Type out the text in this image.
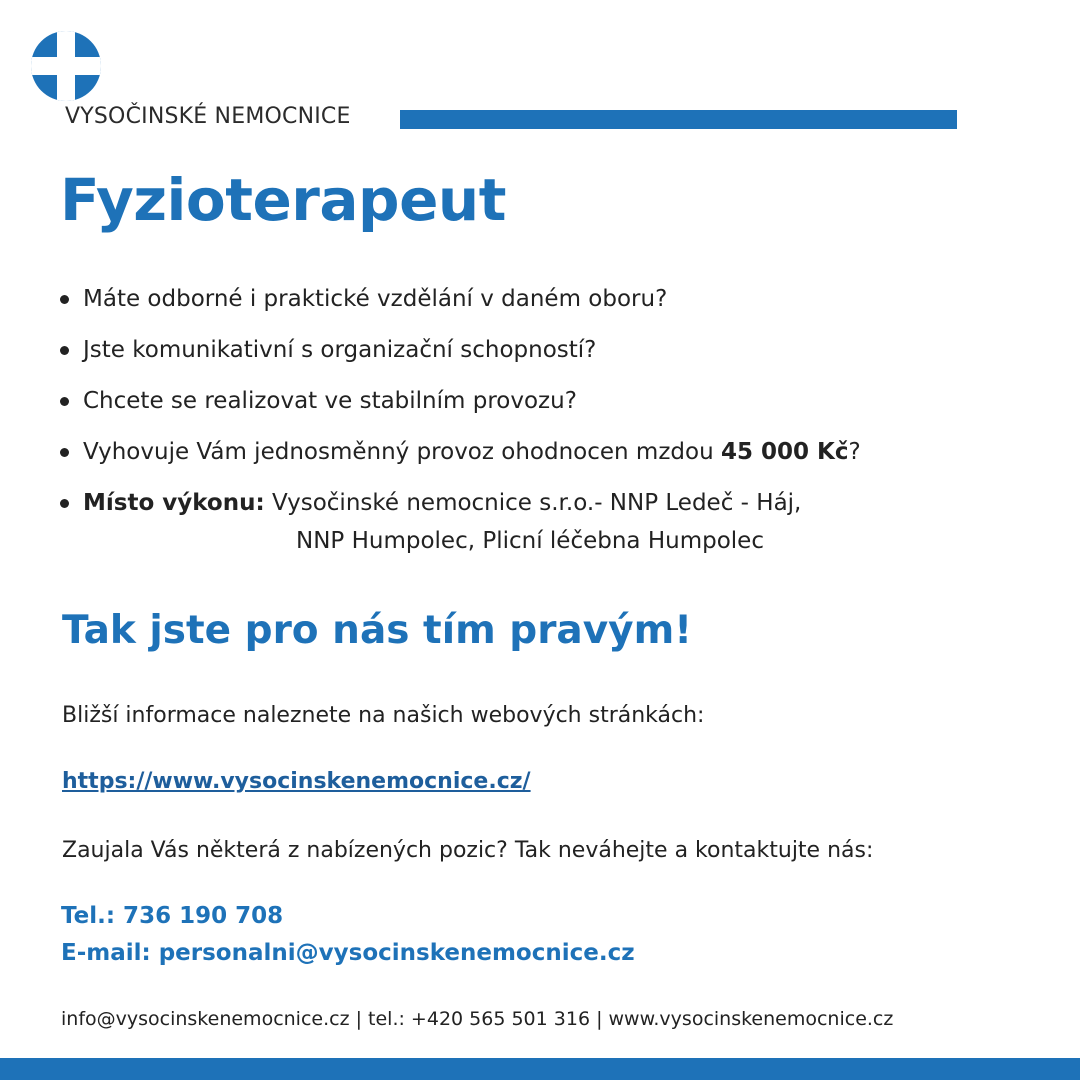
VYSOČINSKÉ NEMOCNICE
Fyzioterapeut
Máte odborné i praktické vzdělání v daném oboru?
Jste komunikativní s organizační schopností?
Chcete se realizovat ve stabilním provozu?
Vyhovuje Vám jednosměnný provoz ohodnocen mzdou 45 000 Kč?
Místo výkonu: Vysočinské nemocnice s.r.o.- NNP Ledeč - Háj,
NNP Humpolec, Plicní léčebna Humpolec
Tak jste pro nás tím pravým!
Bližší informace naleznete na našich webových stránkách:
https://www.vysocinskenemocnice.cz/
Zaujala Vás některá z nabízených pozic? Tak neváhejte a kontaktujte nás:
Tel.: 736 190 708
E-mail: personalni@vysocinskenemocnice.cz
info@vysocinskenemocnice.cz | tel.: +420 565 501 316 | www.vysocinskenemocnice.cz
